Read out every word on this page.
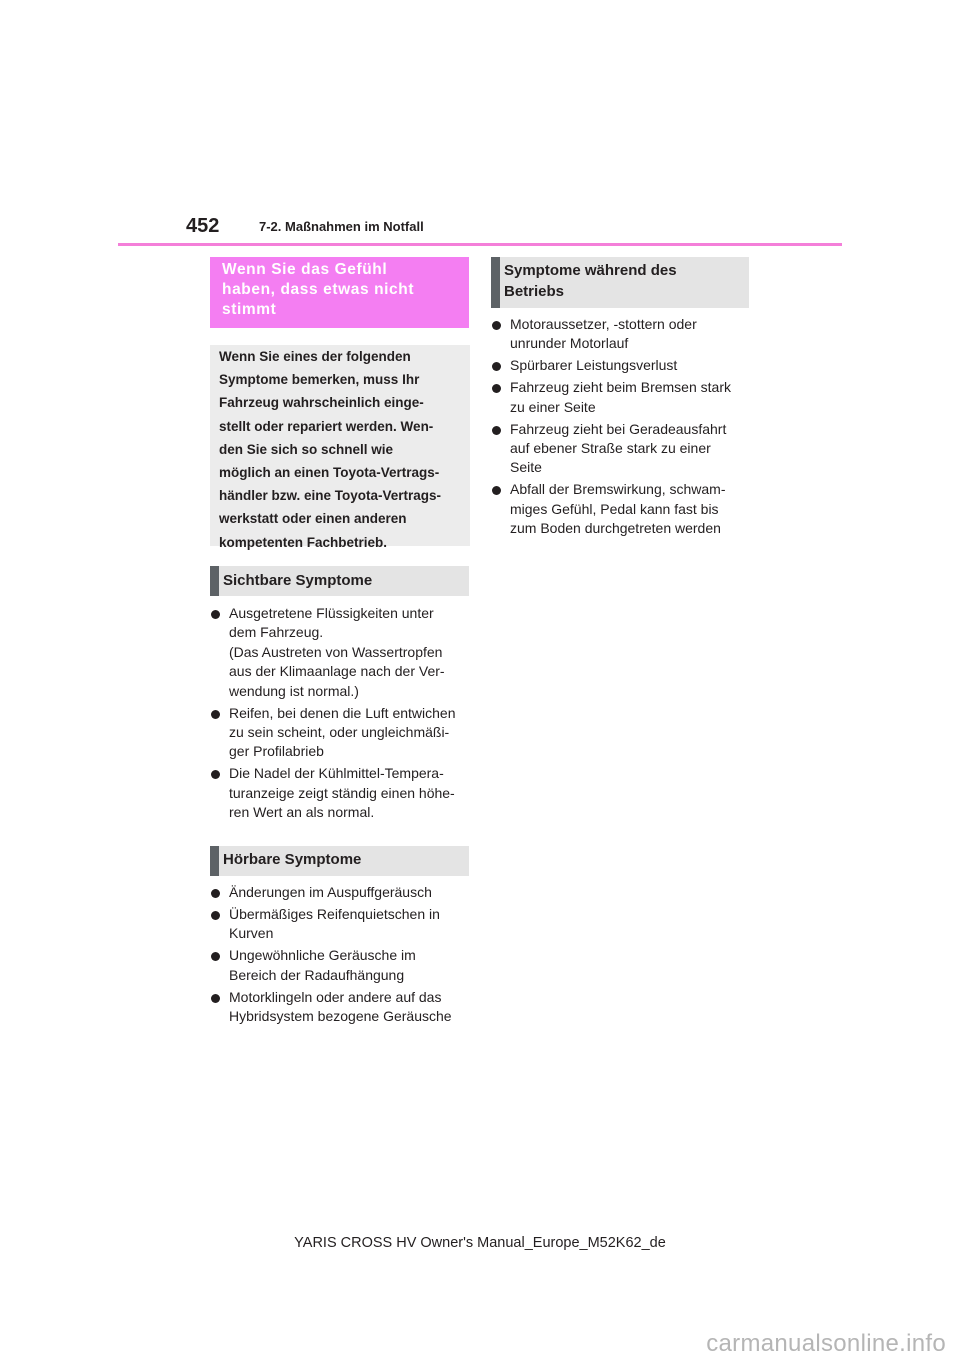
452	7-2. Maßnahmen im Notfall
Wenn Sie das Gefühl
haben, dass etwas nicht
stimmt

Wenn Sie eines der folgenden

Symptome bemerken, muss Ihr

Fahrzeug wahrscheinlich einge-

stellt oder repariert werden. Wen-

den Sie sich so schnell wie

möglich an einen Toyota-Vertrags-

händler bzw. eine Toyota-Vertrags-

werkstatt oder einen anderen

kompetenten Fachbetrieb.

Sichtbare Symptome
Ausgetretene Flüssigkeiten unter
dem Fahrzeug.
(Das Austreten von Wassertropfen
aus der Klimaanlage nach der Ver-
wendung ist normal.)
Reifen, bei denen die Luft entwichen
zu sein scheint, oder ungleichmäßi-
ger Profilabrieb
Die Nadel der Kühlmittel-Tempera-
turanzeige zeigt ständig einen höhe-
ren Wert an als normal.
Hörbare Symptome
Änderungen im Auspuffgeräusch
Übermäßiges Reifenquietschen in
Kurven
Ungewöhnliche Geräusche im
Bereich der Radaufhängung
Motorklingeln oder andere auf das
Hybridsystem bezogene Geräusche
Symptome während des
Betriebs
Motoraussetzer, -stottern oder
unrunder Motorlauf
Spürbarer Leistungsverlust
Fahrzeug zieht beim Bremsen stark
zu einer Seite
Fahrzeug zieht bei Geradeausfahrt
auf ebener Straße stark zu einer
Seite
Abfall der Bremswirkung, schwam-
miges Gefühl, Pedal kann fast bis
zum Boden durchgetreten werden
YARIS CROSS HV Owner's Manual_Europe_M52K62_de
carmanualsonline.info
